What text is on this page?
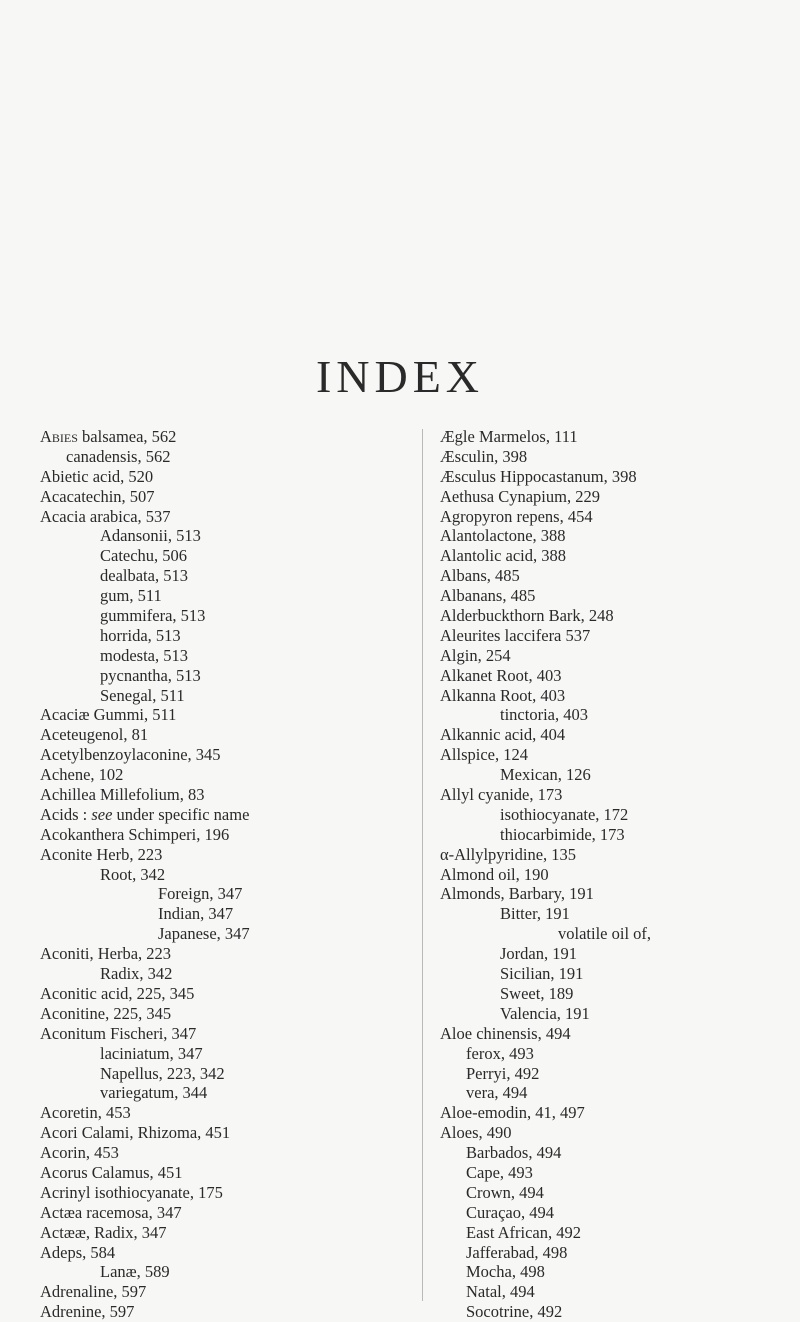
INDEX
Abies balsamea, 562
canadensis, 562
Abietic acid, 520
Acacatechin, 507
Acacia arabica, 537
Adansonii, 513
Catechu, 506
dealbata, 513
gum, 511
gummifera, 513
horrida, 513
modesta, 513
pycnantha, 513
Senegal, 511
Acaciæ Gummi, 511
Aceteugenol, 81
Acetylbenzoylaconine, 345
Achene, 102
Achillea Millefolium, 83
Acids : see under specific name
Acokanthera Schimperi, 196
Aconite Herb, 223
Root, 342
Foreign, 347
Indian, 347
Japanese, 347
Aconiti, Herba, 223
Radix, 342
Aconitic acid, 225, 345
Aconitine, 225, 345
Aconitum Fischeri, 347
laciniatum, 347
Napellus, 223, 342
variegatum, 344
Acoretin, 453
Acori Calami, Rhizoma, 451
Acorin, 453
Acorus Calamus, 451
Acrinyl isothiocyanate, 175
Actæa racemosa, 347
Actææ, Radix, 347
Adeps, 584
Lanæ, 589
Adrenaline, 597
Adrenine, 597
Ægle Marmelos, 111
Æsculin, 398
Æsculus Hippocastanum, 398
Aethusa Cynapium, 229
Agropyron repens, 454
Alantolactone, 388
Alantolic acid, 388
Albans, 485
Albanans, 485
Alderbuckthorn Bark, 248
Aleurites laccifera 537
Algin, 254
Alkanet Root, 403
Alkanna Root, 403
tinctoria, 403
Alkannic acid, 404
Allspice, 124
Mexican, 126
Allyl cyanide, 173
isothiocyanate, 172
thiocarbimide, 173
α-Allylpyridine, 135
Almond oil, 190
Almonds, Barbary, 191
Bitter, 191
volatile oil of,
Jordan, 191
Sicilian, 191
Sweet, 189
Valencia, 191
Aloe chinensis, 494
ferox, 493
Perryi, 492
vera, 494
Aloe-emodin, 41, 497
Aloes, 490
Barbados, 494
Cape, 493
Crown, 494
Curaçao, 494
East African, 492
Jafferabad, 498
Mocha, 498
Natal, 494
Socotrine, 492
